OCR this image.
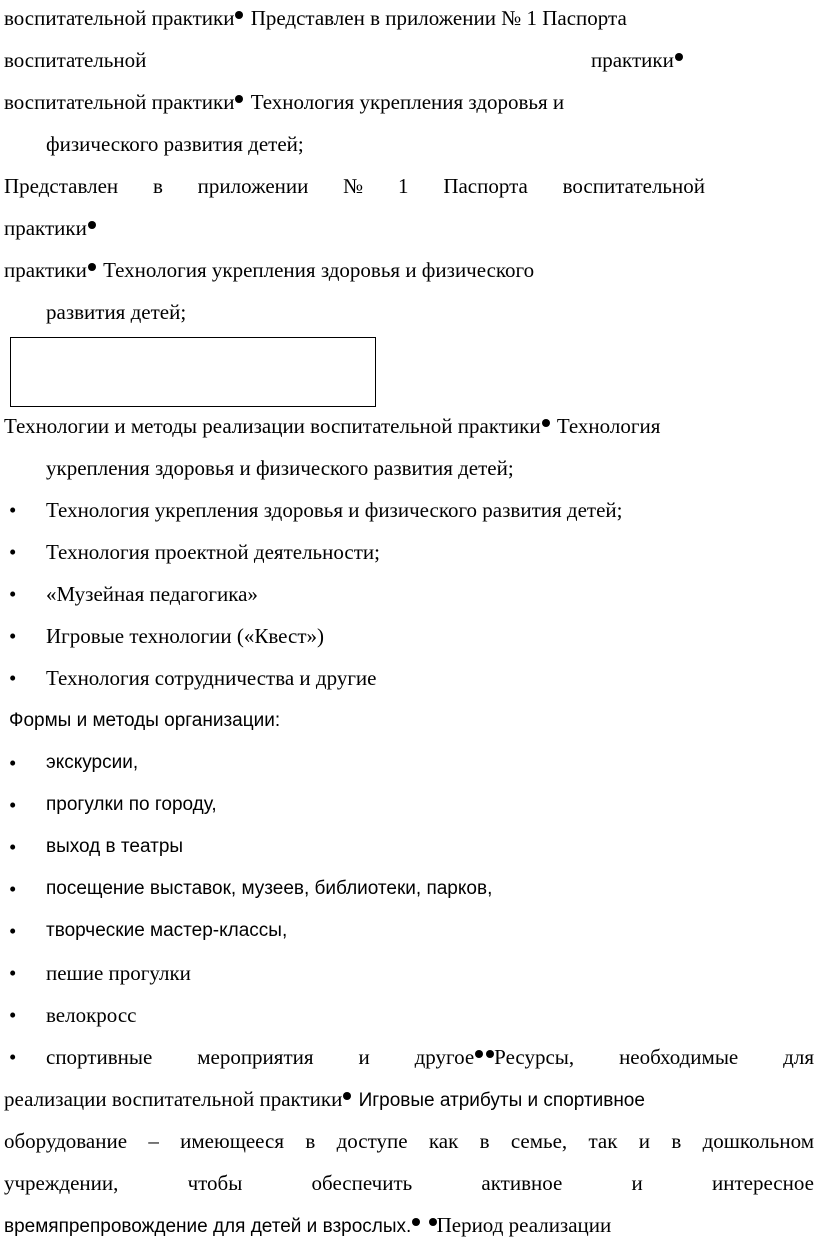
воспитательной практики Представлен в приложении № 1 Паспорта
воспитательной	практики
воспитательной практики Технология укрепления здоровья и
физического развития детей;
Представлен в приложении № 1 Паспорта воспитательной
практики
практики Технология укрепления здоровья и физического
развития детей;
Технологии и методы реализации воспитательной практики Технология
укрепления здоровья и физического развития детей;
• Технология укрепления здоровья и физического развития детей;
• Технология проектной деятельности;
• «Музейная педагогика»
• Игровые технологии («Квест»)
• Технология сотрудничества и другие
Формы и методы организации:
• экскурсии,
• прогулки по городу,
• выход в театры
• посещение выставок, музеев, библиотеки, парков,
• творческие мастер-классы,
• пешие прогулки
• велокросс
• спортивные мероприятия и другое Ресурсы, необходимые для
реализации воспитательной практики Игровые атрибуты и спортивное
оборудование – имеющееся в доступе как в семье, так и в дошкольном
учреждении,	чтобы	обеспечить	активное	и	интересное
времяпрепровождение для детей и взрослых. Период реализации
